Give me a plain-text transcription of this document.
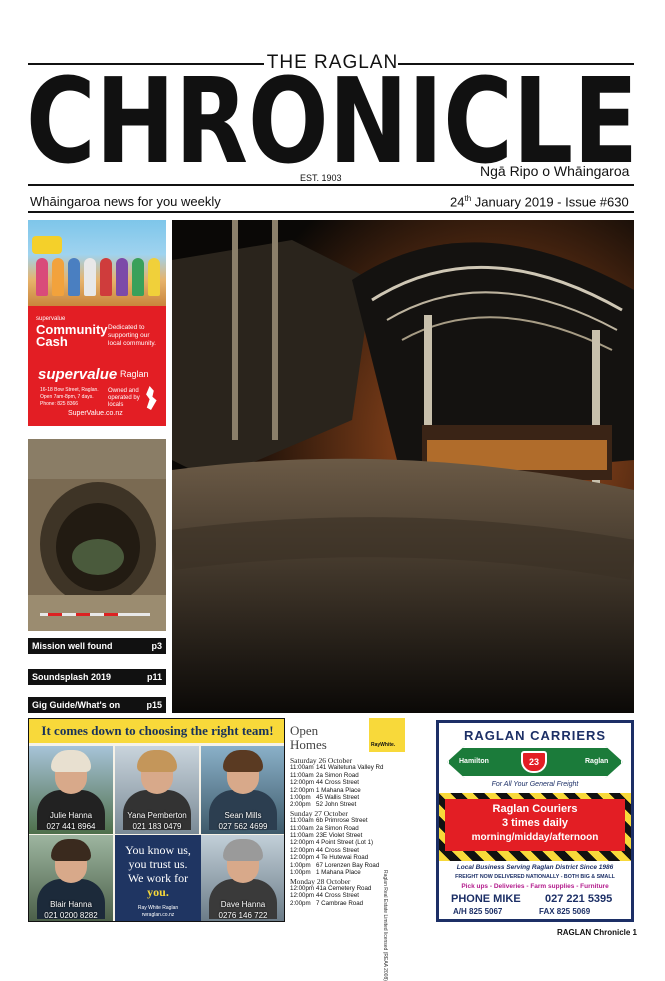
THE RAGLAN
CHRONICLE
EST. 1903	Ngā Ripo o Whāingaroa
Whāingaroa news for you weekly	24th January 2019 - Issue #630
supervalue
Community Cash
Dedicated to supporting our local community.
supervalue Raglan
16-18 Bow Street, Raglan. Open 7am-8pm, 7 days. Phone: 825 8366
Owned and operated by locals
SuperValue.co.nz
Mission well found	p3
Soundsplash 2019	p11
Gig Guide/What's on	p15
It comes down to choosing the right team!
Julie Hanna
027 441 8964
Yana Pemberton
021 183 0479
Sean Mills
027 562 4699
Blair Hanna
021 0200 8282
You know us,
you trust us.
We work for
you.
Ray White Raglan
rwraglan.co.nz
Dave Hanna
0276 146 722
Open Homes	RayWhite.
Saturday 26 October
11:00am 141 Waitetuna Valley Rd
11:00am 2a Simon Road
12:00pm 44 Cross Street
12:00pm 1 Mahana Place
1:00pm 45 Wallis Street
2:00pm 52 John Street
Sunday 27 October
11:00am 6b Primrose Street
11:00am 2a Simon Road
11:00am 23E Violet Street
12:00pm 4 Point Street (Lot 1)
12:00pm 44 Cross Street
12:00pm 4 Te Hutewai Road
1:00pm 67 Lorenzen Bay Road
1:00pm 1 Mahana Place
Monday 28 October
12:00pm 41a Cemetery Road
12:00pm 44 Cross Street
2:00pm 7 Cambrae Road	Raglan Real Estate Limited licensed (REAA 2008)
RAGLAN CARRIERS
Hamilton	Raglan
23
For All Your General Freight
Raglan Couriers
3 times daily
morning/midday/afternoon
Local Business Serving Raglan District Since 1986
FREIGHT NOW DELIVERED NATIONALLY - BOTH BIG & SMALL
Pick ups - Deliveries - Farm supplies - Furniture
PHONE MIKE 027 221 5395
A/H 825 5067	FAX 825 5069
RAGLAN Chronicle 1
